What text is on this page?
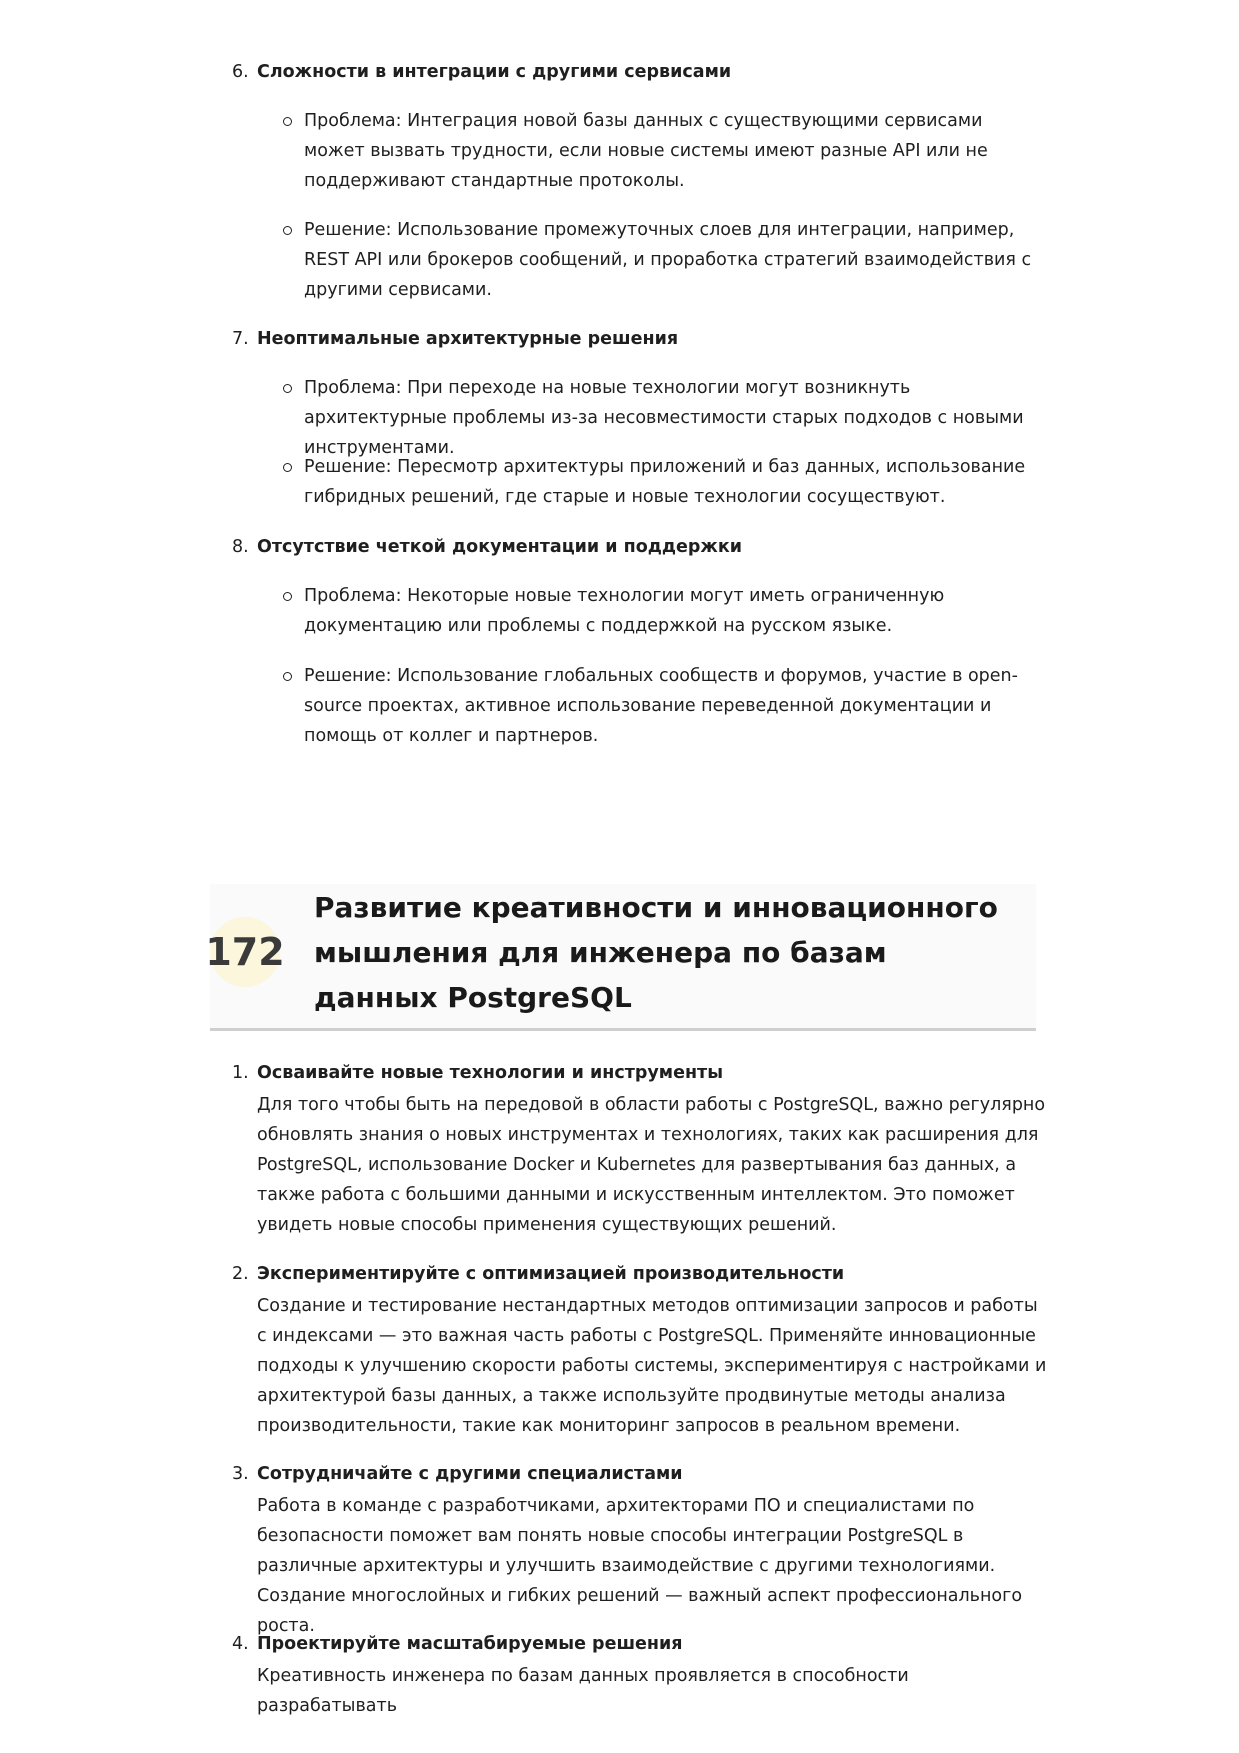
6. Сложности в интеграции с другими сервисами
Проблема: Интеграция новой базы данных с существующими сервисами может вызвать трудности, если новые системы имеют разные API или не поддерживают стандартные протоколы.
Решение: Использование промежуточных слоев для интеграции, например, REST API или брокеров сообщений, и проработка стратегий взаимодействия с другими сервисами.
7. Неоптимальные архитектурные решения
Проблема: При переходе на новые технологии могут возникнуть архитектурные проблемы из-за несовместимости старых подходов с новыми инструментами.
Решение: Пересмотр архитектуры приложений и баз данных, использование гибридных решений, где старые и новые технологии сосуществуют.
8. Отсутствие четкой документации и поддержки
Проблема: Некоторые новые технологии могут иметь ограниченную документацию или проблемы с поддержкой на русском языке.
Решение: Использование глобальных сообществ и форумов, участие в open-source проектах, активное использование переведенной документации и помощь от коллег и партнеров.
172
Развитие креативности и инновационного мышления для инженера по базам данных PostgreSQL
1. Осваивайте новые технологии и инструменты
Для того чтобы быть на передовой в области работы с PostgreSQL, важно регулярно обновлять знания о новых инструментах и технологиях, таких как расширения для PostgreSQL, использование Docker и Kubernetes для развертывания баз данных, а также работа с большими данными и искусственным интеллектом. Это поможет увидеть новые способы применения существующих решений.
2. Экспериментируйте с оптимизацией производительности
Создание и тестирование нестандартных методов оптимизации запросов и работы с индексами — это важная часть работы с PostgreSQL. Применяйте инновационные подходы к улучшению скорости работы системы, экспериментируя с настройками и архитектурой базы данных, а также используйте продвинутые методы анализа производительности, такие как мониторинг запросов в реальном времени.
3. Сотрудничайте с другими специалистами
Работа в команде с разработчиками, архитекторами ПО и специалистами по безопасности поможет вам понять новые способы интеграции PostgreSQL в различные архитектуры и улучшить взаимодействие с другими технологиями. Создание многослойных и гибких решений — важный аспект профессионального роста.
4. Проектируйте масштабируемые решения
Креативность инженера по базам данных проявляется в способности разрабатывать
